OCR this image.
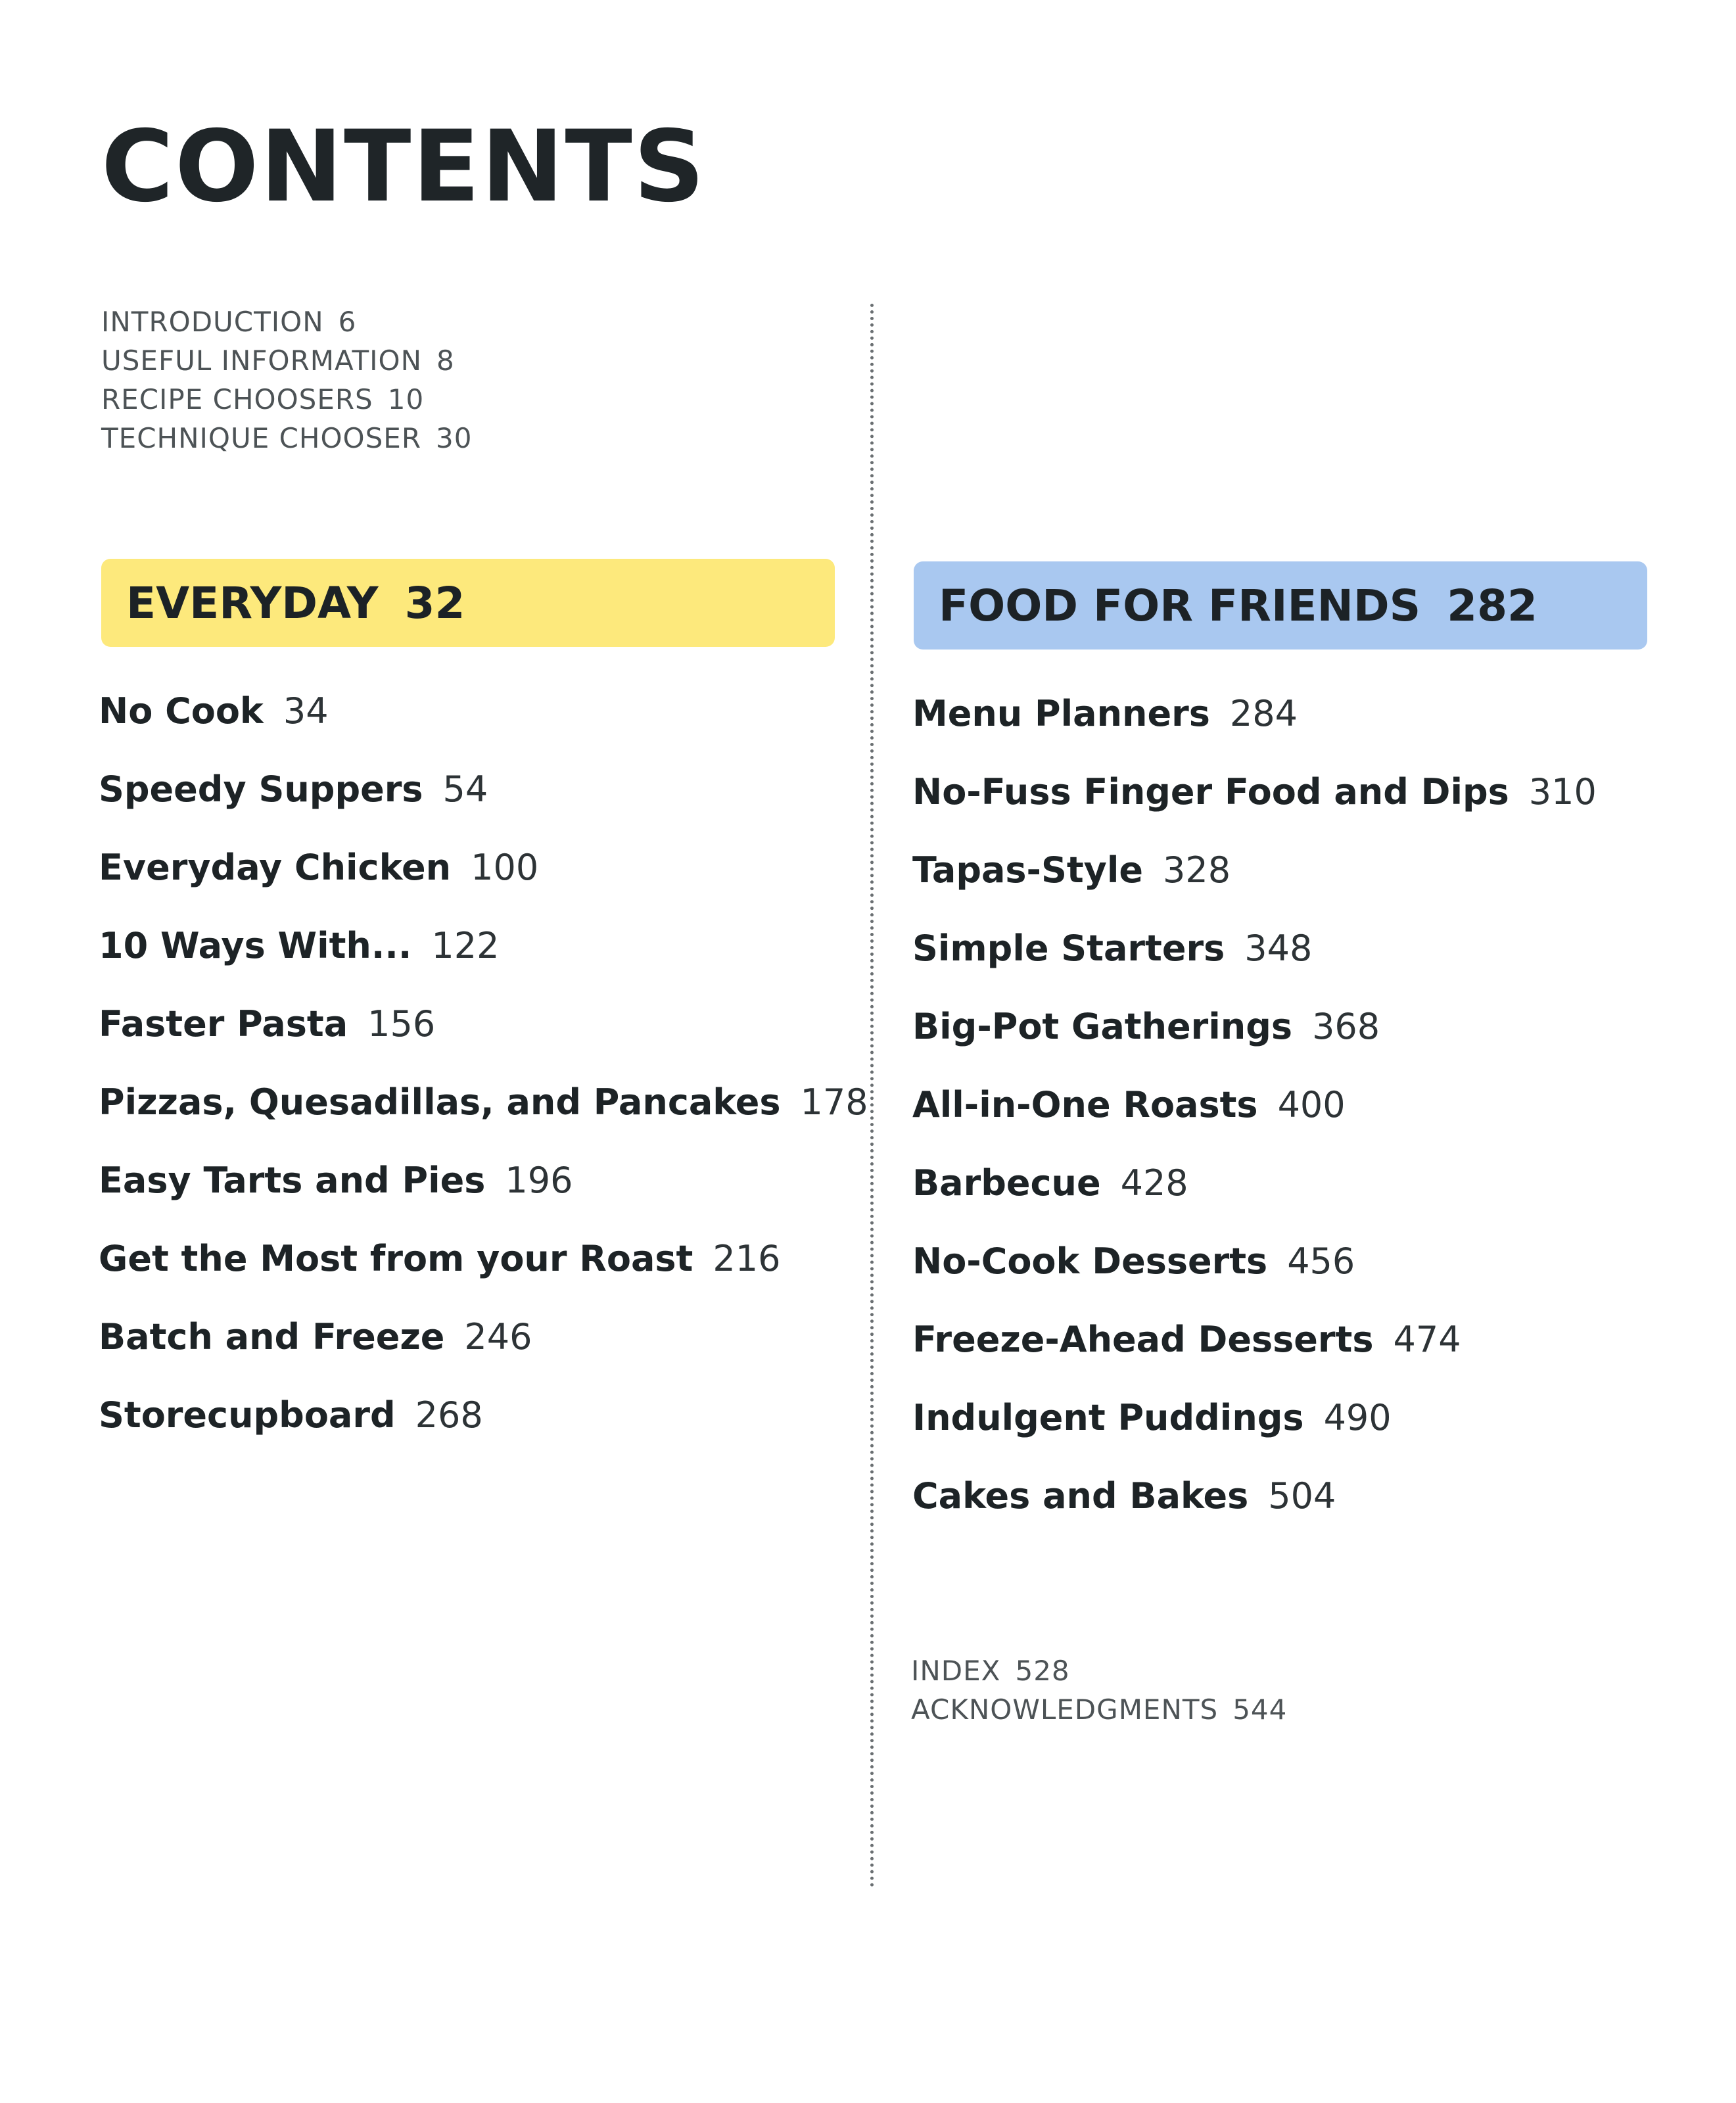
CONTENTS
INTRODUCTION 6
USEFUL INFORMATION 8
RECIPE CHOOSERS 10
TECHNIQUE CHOOSER 30
EVERYDAY 32
No Cook 34
Speedy Suppers 54
Everyday Chicken 100
10 Ways With... 122
Faster Pasta 156
Pizzas, Quesadillas, and Pancakes 178
Easy Tarts and Pies 196
Get the Most from your Roast 216
Batch and Freeze 246
Storecupboard 268
FOOD FOR FRIENDS 282
Menu Planners 284
No-Fuss Finger Food and Dips 310
Tapas-Style 328
Simple Starters 348
Big-Pot Gatherings 368
All-in-One Roasts 400
Barbecue 428
No-Cook Desserts 456
Freeze-Ahead Desserts 474
Indulgent Puddings 490
Cakes and Bakes 504
INDEX 528
ACKNOWLEDGMENTS 544
